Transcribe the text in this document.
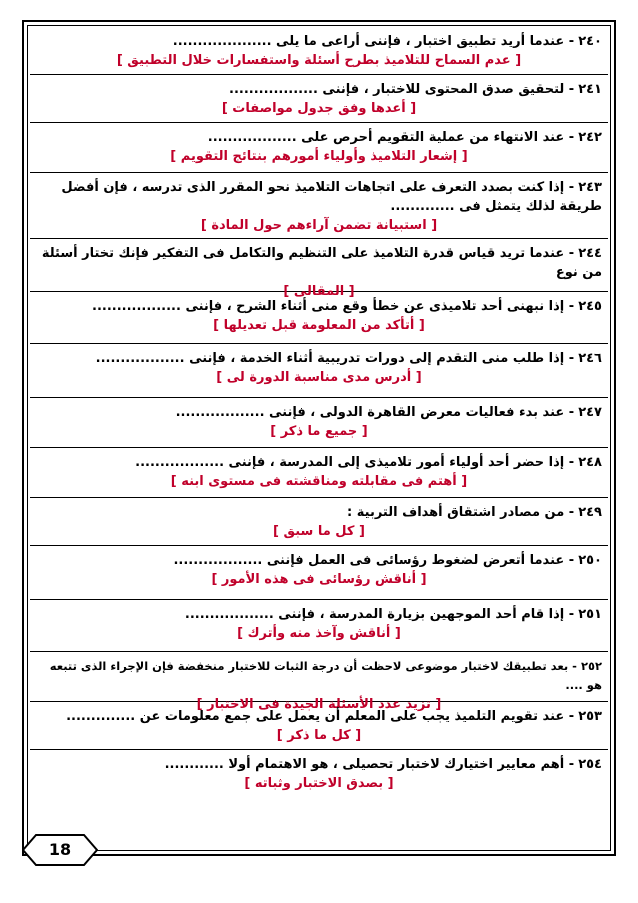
٢٤٠- عندما أريد تطبيق اختبار ، فإننى أراعى ما يلى ....................
[ عدم السماح للتلاميذ بطرح أسئلة واستفسارات خلال التطبيق ]
٢٤١- لتحقيق صدق المحتوى للاختبار ، فإننى ..................
[ أعدها وفق جدول مواصفات ]
٢٤٢- عند الانتهاء من عملية التقويم أحرص على ..................
[ إشعار التلاميذ وأولياء أمورهم بنتائج التقويم ]
٢٤٣- إذا كنت بصدد التعرف على اتجاهات التلاميذ نحو المقرر الذى تدرسه ، فإن أفضل طريقة لذلك يتمثل فى .............
[ استبيانة تضمن آراءهم حول المادة ]
٢٤٤- عندما تريد قياس قدرة التلاميذ على التنظيم والتكامل فى التفكير فإنك تختار أسئلة من نوع
[ المقالى ]
٢٤٥- إذا نبهنى أحد تلاميذى عن خطأ وقع منى أثناء الشرح ، فإننى ..................
[ أتأكد من المعلومة قبل تعديلها ]
٢٤٦- إذا طلب منى التقدم إلى دورات تدريبية أثناء الخدمة ، فإننى ..................
[ أدرس مدى مناسبة الدورة لى ]
٢٤٧- عند بدء فعاليات معرض القاهرة الدولى ، فإننى ..................
[ جميع ما ذكر ]
٢٤٨- إذا حضر أحد أولياء أمور تلاميذى إلى المدرسة ، فإننى ..................
[ أهتم فى مقابلته ومناقشته فى مستوى ابنه ]
٢٤٩- من مصادر اشتقاق أهداف التربية :
[ كل ما سبق ]
٢٥٠- عندما أتعرض لضغوط رؤسائى فى العمل فإننى ..................
[ أناقش رؤسائى فى هذه الأمور ]
٢٥١- إذا قام أحد الموجهين بزيارة المدرسة ، فإننى ..................
[ أناقش وآخذ منه وأترك ]
٢٥٢- بعد تطبيقك لاختبار موضوعى لاحظت أن درجة الثبات للاختبار منخفضة فإن الإجراء الذى تتبعه هو ....
[ تزيد عدد الأسئلة الجيدة فى الاختبار ]
٢٥٣- عند تقويم التلميذ يجب على المعلم أن يعمل على جمع معلومات عن ..............
[ كل ما ذكر ]
٢٥٤- أهم معايير اختيارك لاختبار تحصيلى ، هو الاهتمام أولا ............
[ بصدق الاختبار وثباته ]
18
